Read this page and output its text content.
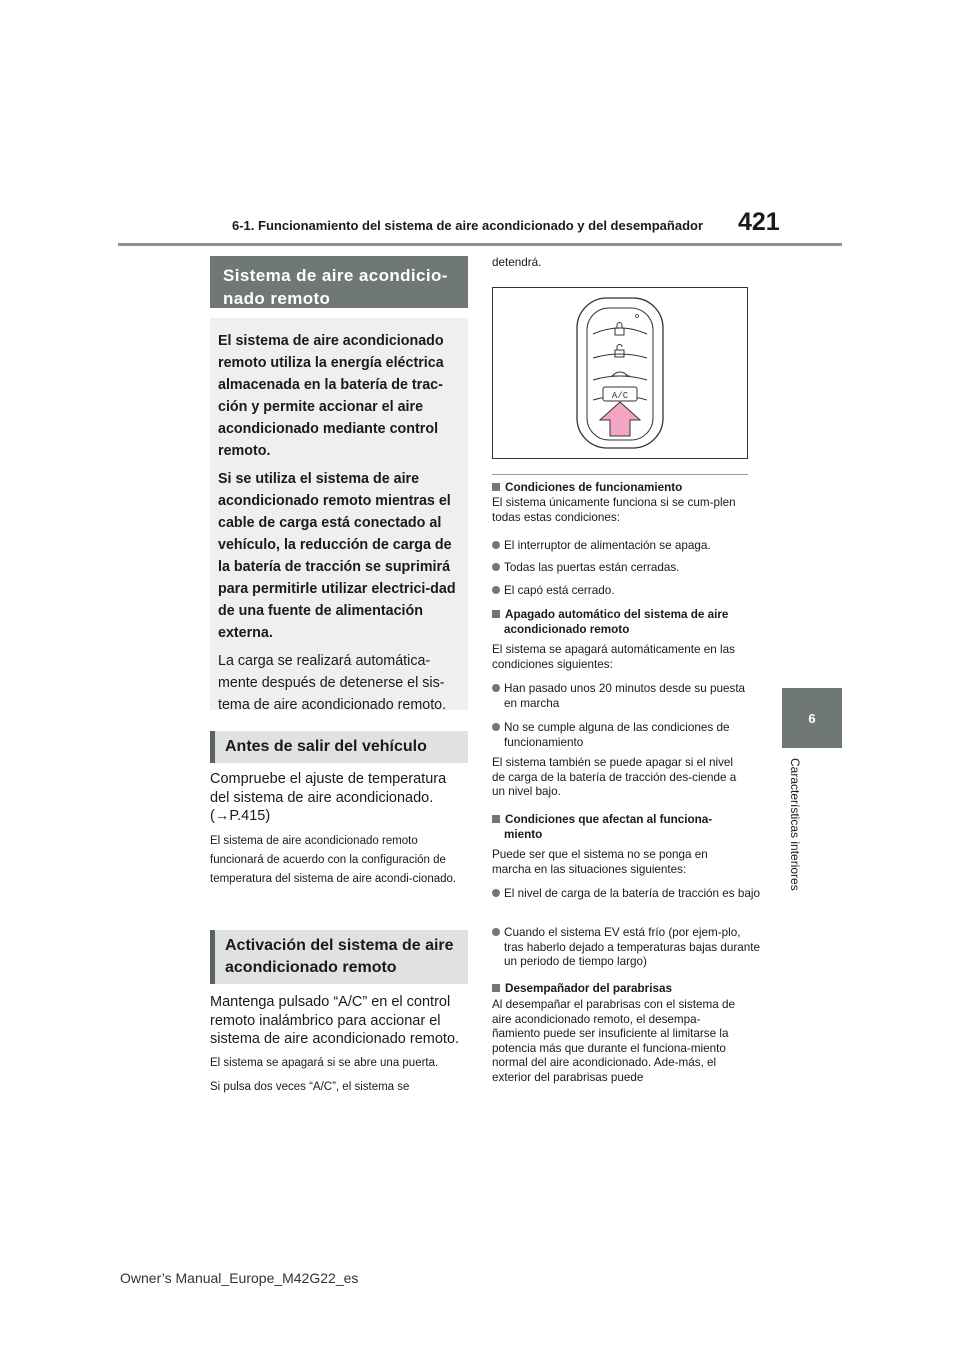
6-1. Funcionamiento del sistema de aire acondicionado y del desempañador 421
6
Características interiores
Sistema de aire acondicio-
nado remoto

El sistema de aire acondicionado remoto utiliza la energía eléctrica almacenada en la batería de trac-ción y permite accionar el aire acondicionado mediante control remoto.

Si se utiliza el sistema de aire acondicionado remoto mientras el cable de carga está conectado al vehículo, la reducción de carga de la batería de tracción se suprimirá para permitirle utilizar electrici-dad de una fuente de alimentación externa.

La carga se realizará automática-mente después de detenerse el sis-tema de aire acondicionado remoto.

Antes de salir del vehículo

Compruebe el ajuste de temperatura del sistema de aire acondicionado. (→P.415)

El sistema de aire acondicionado remoto funcionará de acuerdo con la configuración de temperatura del sistema de aire acondi-cionado.

Activación del sistema de aire
acondicionado remoto

Mantenga pulsado “A/C” en el control remoto inalámbrico para accionar el sistema de aire acondicionado remoto.

El sistema se apagará si se abre una puerta.

Si pulsa dos veces “A/C”, el sistema se

detendrá.

A/C

Condiciones de funcionamiento

El sistema únicamente funciona si se cum-plen todas estas condiciones:

El interruptor de alimentación se apaga.

Todas las puertas están cerradas.

El capó está cerrado.

Apagado automático del sistema de aire
acondicionado remoto

El sistema se apagará automáticamente en las condiciones siguientes:

Han pasado unos 20 minutos desde su puesta en marcha

No se cumple alguna de las condiciones de funcionamiento

El sistema también se puede apagar si el nivel de carga de la batería de tracción des-ciende a un nivel bajo.

Condiciones que afectan al funciona-
miento

Puede ser que el sistema no se ponga en marcha en las situaciones siguientes:

El nivel de carga de la batería de tracción es bajo

Cuando el sistema EV está frío (por ejem-plo, tras haberlo dejado a temperaturas bajas durante un periodo de tiempo largo)

Desempañador del parabrisas

Al desempañar el parabrisas con el sistema de aire acondicionado remoto, el desempa-ñamiento puede ser insuficiente al limitarse la potencia más que durante el funciona-miento normal del aire acondicionado. Ade-más, el exterior del parabrisas puede

Owner’s Manual_Europe_M42G22_es
